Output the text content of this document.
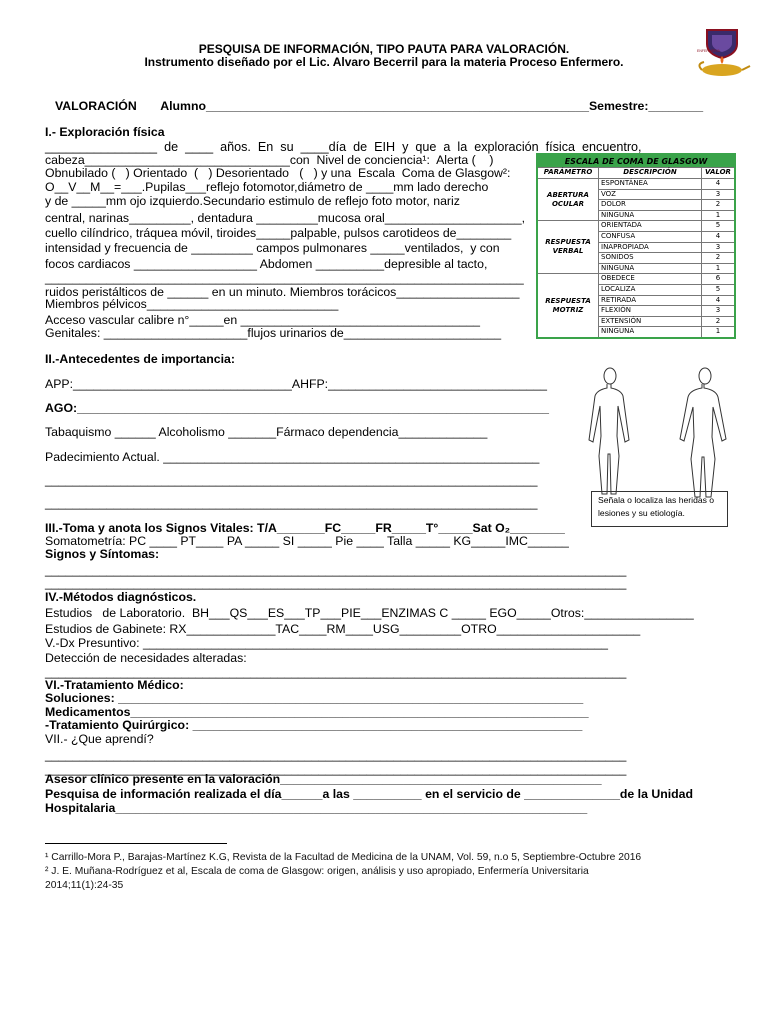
ENFERMERIA

PESQUISA DE INFORMACIÓN, TIPO PAUTA PARA VALORACIÓN.
Instrumento diseñado por el Lic. Alvaro Becerril para la materia Proceso Enfermero.
VALORACIÓN       Alumno________________________________________________________Semestre:________
I.- Exploración física
________________  de  ____  años.  En  su  ____día  de  EIH  y  que  a  la  exploración  física  encuentro,
cabeza______________________________con  Nivel de conciencia¹:  Alerta (    )
Obnubilado (   ) Orientado  (   ) Desorientado   (   ) y una  Escala  Coma de Glasgow²:
O__V__M__=___.Pupilas___reflejo fotomotor,diámetro de ____mm lado derecho
y de _____mm ojo izquierdo.Secundario estimulo de reflejo foto motor, nariz
central, narinas_________, dentadura _________mucosa oral____________________,
cuello cilíndrico, tráquea móvil, tiroides_____palpable, pulsos carotideos de________
intensidad y frecuencia de _________ campos pulmonares _____ventilados,  y con
focos cardiacos __________________ Abdomen __________depresible al tacto,
______________________________________________________________________
ruidos peristálticos de ______ en un minuto. Miembros torácicos__________________
Miembros pélvicos____________________________
Acceso vascular calibre n°_____en ___________________________________
Genitales: _____________________flujos urinarios de_______________________
ESCALA DE COMA DE GLASGOW		
PARÁMETRO	DESCRIPCIÓN	VALOR
ABERTURA OCULAR	ESPONTÁNEA	4
	VOZ	3
	DOLOR	2
	NINGUNA	1
RESPUESTA VERBAL	ORIENTADA	5
	CONFUSA	4
	INAPROPIADA	3
	SONIDOS	2
	NINGUNA	1
RESPUESTA MOTRIZ	OBEDECE	6
	LOCALIZA	5
	RETIRADA	4
	FLEXIÓN	3
	EXTENSIÓN	2
	NINGUNA	1
II.-Antecedentes de importancia:
APP:________________________________AHFP:________________________________
AGO:_____________________________________________________________________
Tabaquismo ______ Alcoholismo _______Fármaco dependencia_____________
Padecimiento Actual. _______________________________________________________
________________________________________________________________________
________________________________________________________________________

	Señala o localiza las heridas o lesiones y su etiología.
III.-Toma y anota los Signos Vitales: T/A_______FC_____FR_____T°_____Sat O₂________
Somatometría: PC ____ PT____ PA _____ SI _____ Pie ____ Talla _____ KG_____IMC______
Signos y Síntomas:
_____________________________________________________________________________________
_____________________________________________________________________________________
IV.-Métodos diagnósticos.
Estudios   de Laboratorio.  BH___QS___ES___TP___PIE___ENZIMAS C _____ EGO_____Otros:________________
Estudios de Gabinete: RX_____________TAC____RM____USG_________OTRO_____________________
V.-Dx Presuntivo: ____________________________________________________________________
Detección de necesidades alteradas:
_____________________________________________________________________________________
VI.-Tratamiento Médico:
Soluciones: ____________________________________________________________________
Medicamentos___________________________________________________________________
-Tratamiento Quirúrgico: _________________________________________________________
VII.- ¿Que aprendí?
_____________________________________________________________________________________
_____________________________________________________________________________________
Asesor clínico presente en la valoración_______________________________________________
Pesquisa de información realizada el día______a las __________ en el servicio de ______________de la Unidad
Hospitalaria_____________________________________________________________________
¹ Carrillo-Mora P., Barajas-Martínez K.G, Revista de la Facultad de Medicina de la UNAM, Vol. 59, n.o 5, Septiembre-Octubre 2016
² J. E. Muñana-Rodríguez et al, Escala de coma de Glasgow: origen, análisis y uso apropiado, Enfermería Universitaria
2014;11(1):24-35
